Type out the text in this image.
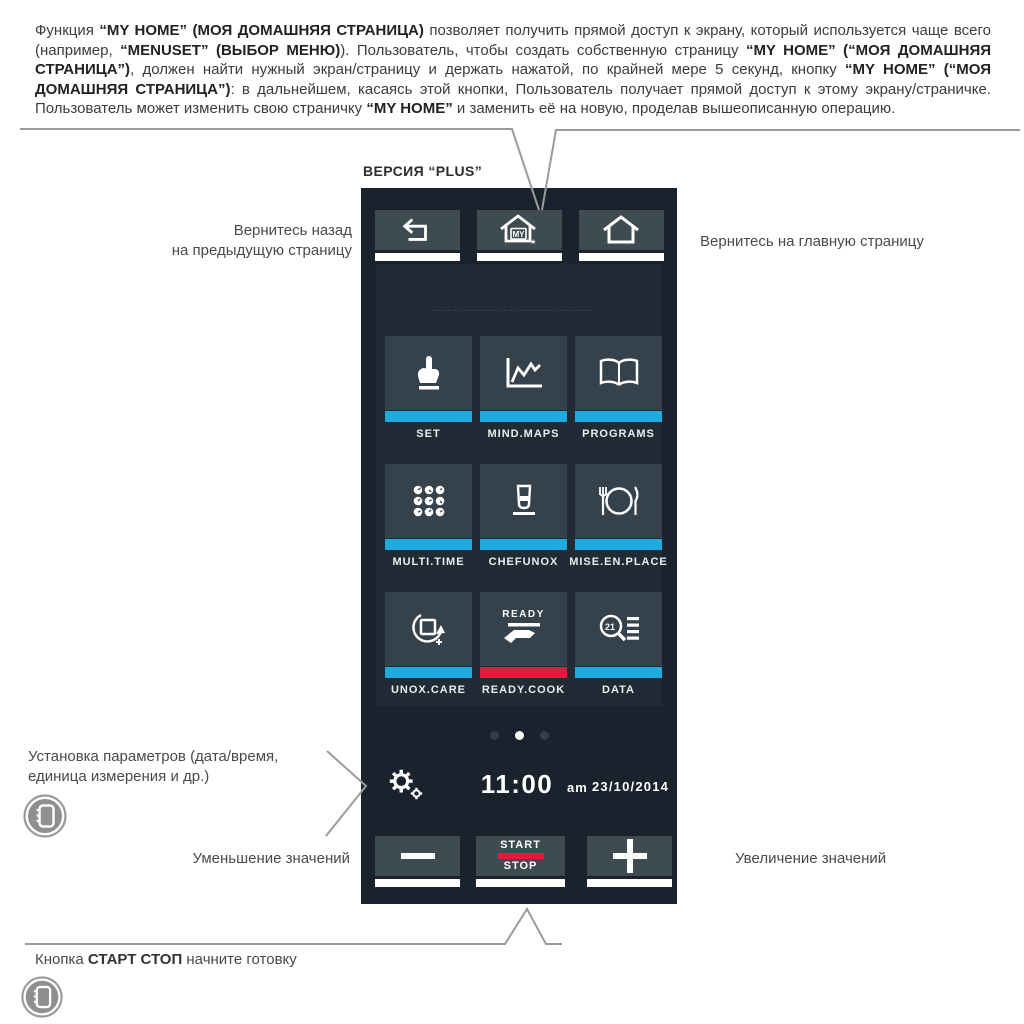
Функция “MY HOME” (МОЯ ДОМАШНЯЯ СТРАНИЦА) позволяет получить прямой доступ к экрану, который используется чаще всего (например, “MENUSET” (ВЫБОР МЕНЮ)). Пользователь, чтобы создать собственную страницу “MY HOME” (“МОЯ ДОМАШНЯЯ СТРАНИЦА”), должен найти нужный экран/страницу и держать нажатой, по крайней мере 5 секунд, кнопку “MY HOME” (“МОЯ ДОМАШНЯЯ СТРАНИЦА”): в дальнейшем, касаясь этой кнопки, Пользователь получает прямой доступ к этому экрану/страничке. Пользователь может изменить свою страничку “MY HOME” и заменить её на новую, проделав вышеописанную операцию.

ВЕРСИЯ “PLUS”
MY
★
SET	MIND.MAPS	PROGRAMS
MULTI.TIME	CHEFUNOX MISE.EN.PLACE
UNOX.CARE
READY
READY.COOK
21
DATA
11:00	am 23/10/2014
START
STOP
Вернитесь назад
на предыдущую страницу
Вернитесь на главную страницу
Установка параметров (дата/время,
единица измерения и др.)
Уменьшение значений	Увеличение значений
Кнопка СТАРТ СТОП начните готовку
